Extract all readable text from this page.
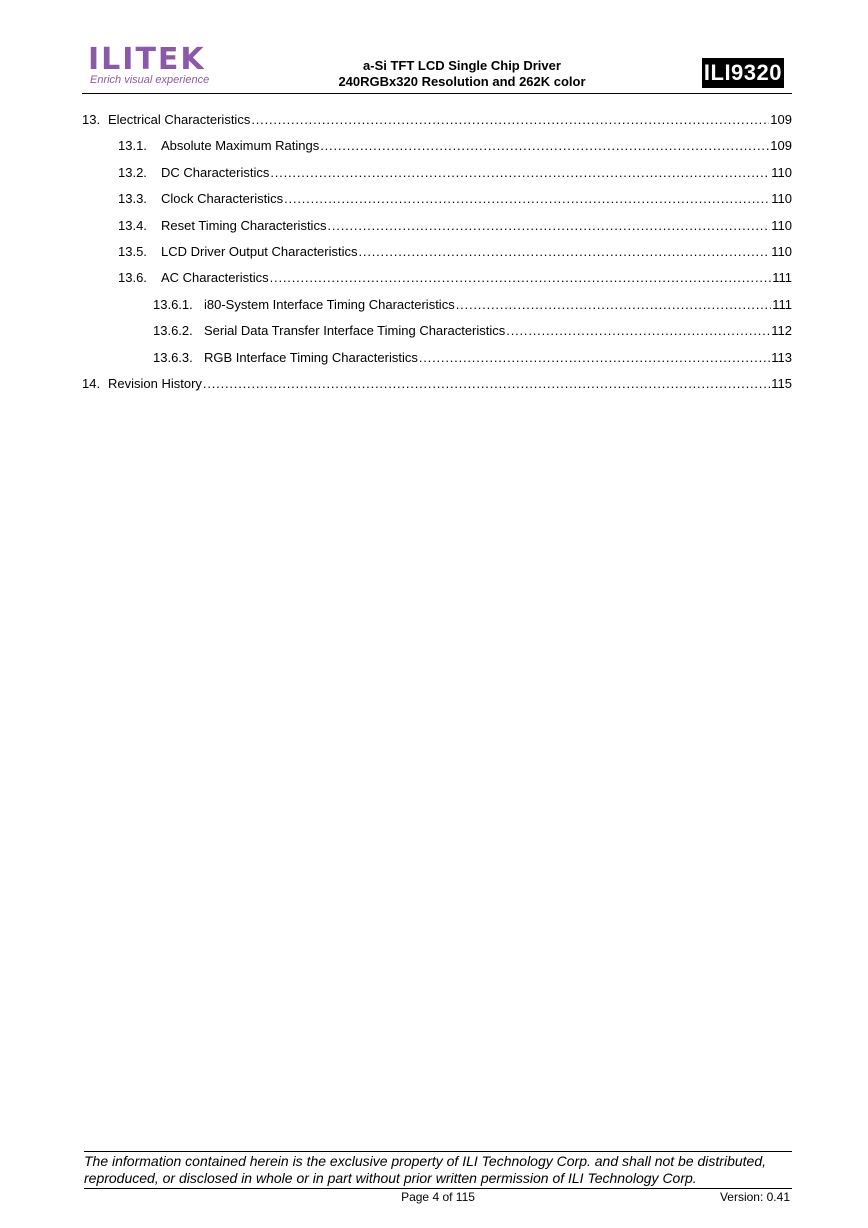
ILITEK
Enrich visual experience
a-Si TFT LCD Single Chip Driver
240RGBx320 Resolution and 262K color	ILI9320
13. Electrical Characteristics .....	109
13.1.	Absolute Maximum Ratings .....	109
13.2.	DC Characteristics .....	110
13.3.	Clock Characteristics .....	110
13.4.	Reset Timing Characteristics .....	110
13.5.	LCD Driver Output Characteristics .....	110
13.6.	AC Characteristics .....	111
13.6.1. i80-System Interface Timing Characteristics .....	111
13.6.2. Serial Data Transfer Interface Timing Characteristics .....	112
13.6.3. RGB Interface Timing Characteristics .....	113
14. Revision History .....	115
The information contained herein is the exclusive property of ILI Technology Corp. and shall not be distributed,
reproduced, or disclosed in whole or in part without prior written permission of ILI Technology Corp.
Page 4 of 115	Version: 0.41
